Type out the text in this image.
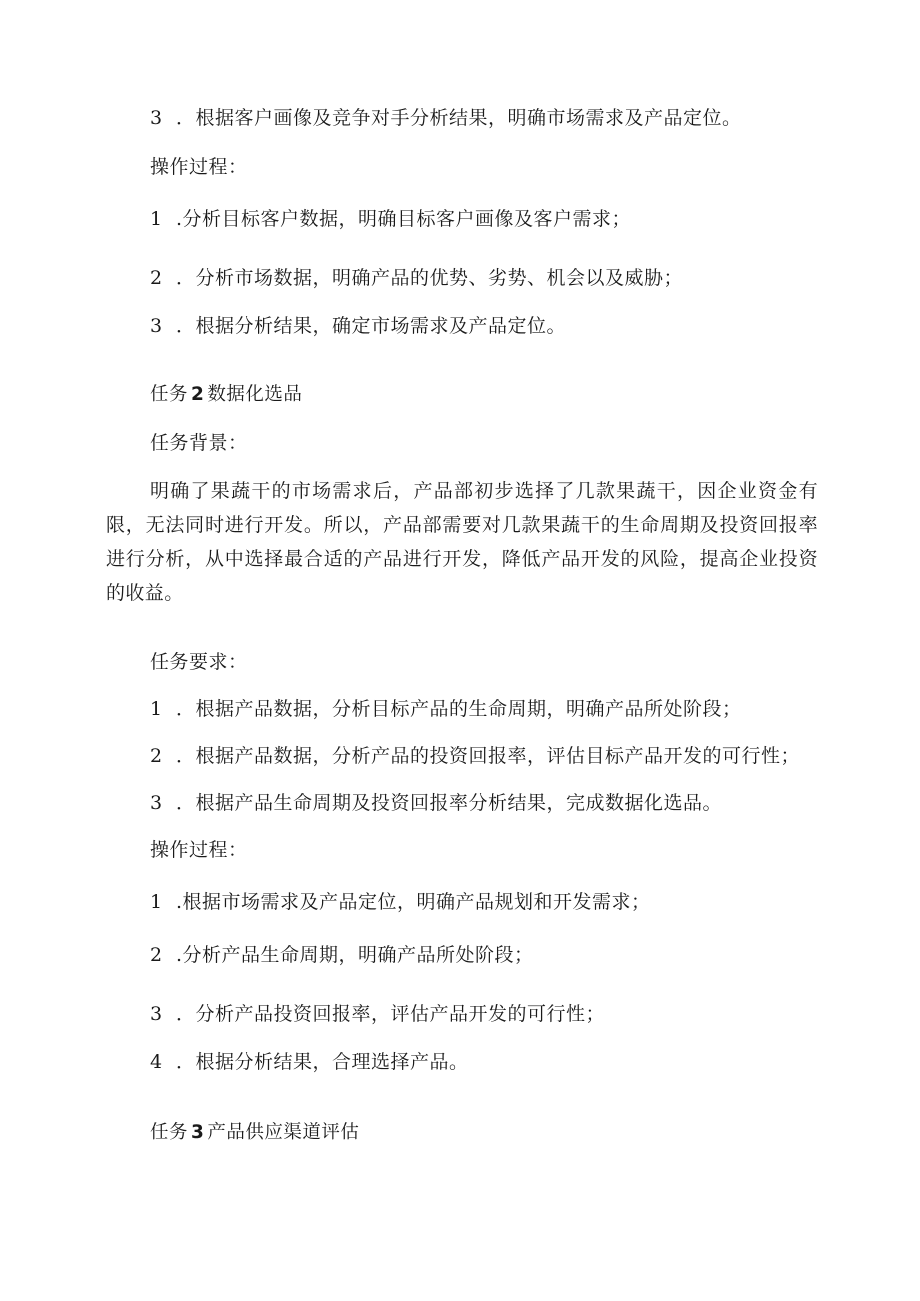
3 ．根据客户画像及竞争对手分析结果，明确市场需求及产品定位。
操作过程：
1 .分析目标客户数据，明确目标客户画像及客户需求；
2 ．分析市场数据，明确产品的优势、劣势、机会以及威胁；
3 ．根据分析结果，确定市场需求及产品定位。
任务 2 数据化选品
任务背景：
明确了果蔬干的市场需求后，产品部初步选择了几款果蔬干，因企业资金有限，无法同时进行开发。所以，产品部需要对几款果蔬干的生命周期及投资回报率进行分析，从中选择最合适的产品进行开发，降低产品开发的风险，提高企业投资的收益。
任务要求：
1 ．根据产品数据，分析目标产品的生命周期，明确产品所处阶段；
2 ．根据产品数据，分析产品的投资回报率，评估目标产品开发的可行性；
3 ．根据产品生命周期及投资回报率分析结果，完成数据化选品。
操作过程：
1 .根据市场需求及产品定位，明确产品规划和开发需求；
2 .分析产品生命周期，明确产品所处阶段；
3 ．分析产品投资回报率，评估产品开发的可行性；
4 ．根据分析结果，合理选择产品。
任务 3 产品供应渠道评估
